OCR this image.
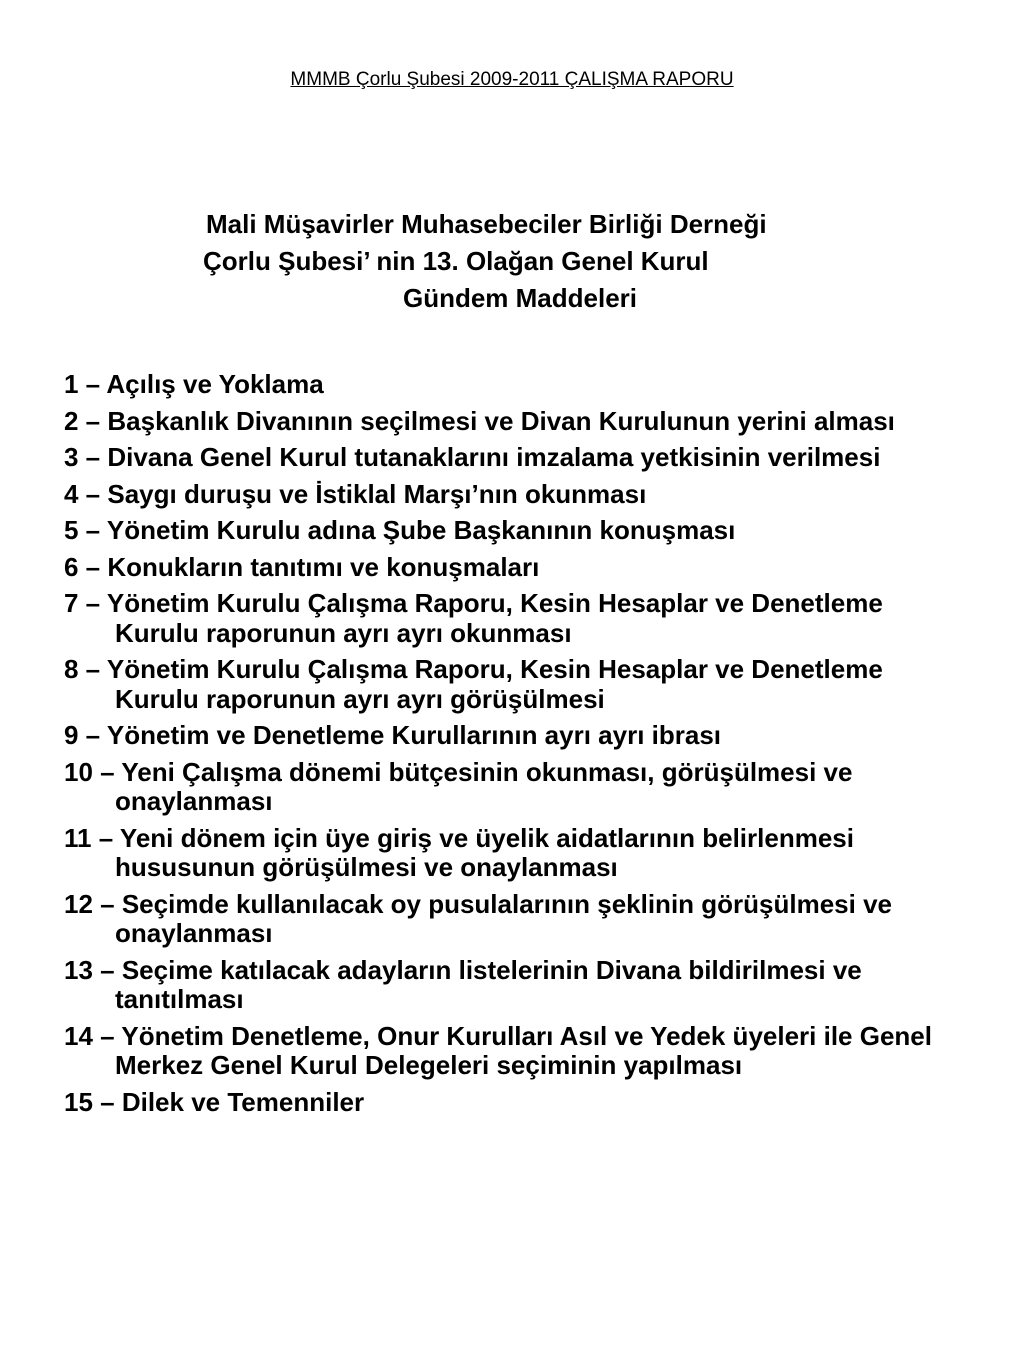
MMMB Çorlu Şubesi 2009-2011 ÇALIŞMA RAPORU
Mali Müşavirler Muhasebeciler Birliği Derneği
Çorlu Şubesi’ nin 13. Olağan Genel Kurul
Gündem Maddeleri
1 – Açılış ve Yoklama
2 – Başkanlık Divanının seçilmesi ve Divan Kurulunun yerini alması
3 – Divana Genel Kurul tutanaklarını imzalama yetkisinin verilmesi
4 – Saygı duruşu ve İstiklal Marşı’nın okunması
5 – Yönetim Kurulu adına Şube Başkanının konuşması
6 – Konukların tanıtımı ve konuşmaları
7 – Yönetim Kurulu Çalışma Raporu, Kesin Hesaplar ve Denetleme Kurulu raporunun ayrı ayrı okunması
8 – Yönetim Kurulu Çalışma Raporu, Kesin Hesaplar ve Denetleme Kurulu raporunun ayrı ayrı görüşülmesi
9 – Yönetim ve Denetleme Kurullarının ayrı ayrı ibrası
10 – Yeni Çalışma dönemi bütçesinin okunması, görüşülmesi ve onaylanması
11 – Yeni dönem için üye giriş ve üyelik aidatlarının belirlenmesi hususunun görüşülmesi ve onaylanması
12 – Seçimde kullanılacak oy pusulalarının şeklinin görüşülmesi ve onaylanması
13 – Seçime katılacak adayların listelerinin Divana bildirilmesi ve tanıtılması
14 – Yönetim Denetleme, Onur Kurulları Asıl ve Yedek üyeleri ile Genel Merkez Genel Kurul Delegeleri seçiminin yapılması
15 – Dilek ve Temenniler
